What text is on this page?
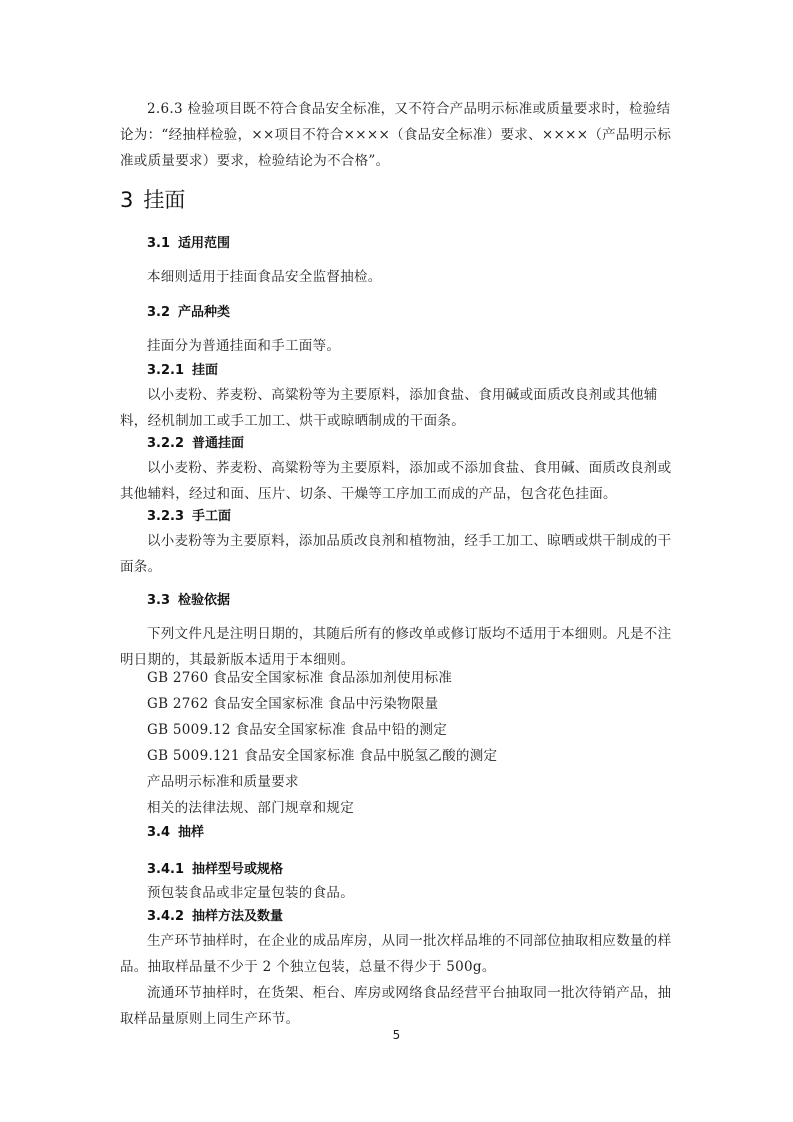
2.6.3 检验项目既不符合食品安全标准，又不符合产品明示标准或质量要求时，检验结论为：“经抽样检验，××项目不符合××××（食品安全标准）要求、××××（产品明示标准或质量要求）要求，检验结论为不合格”。

3 挂面
3.1 适用范围

本细则适用于挂面食品安全监督抽检。

3.2 产品种类

挂面分为普通挂面和手工面等。

3.2.1 挂面

以小麦粉、荞麦粉、高粱粉等为主要原料，添加食盐、食用碱或面质改良剂或其他辅料，经机制加工或手工加工、烘干或晾晒制成的干面条。

3.2.2 普通挂面

以小麦粉、荞麦粉、高粱粉等为主要原料，添加或不添加食盐、食用碱、面质改良剂或其他辅料，经过和面、压片、切条、干燥等工序加工而成的产品，包含花色挂面。

3.2.3 手工面

以小麦粉等为主要原料，添加品质改良剂和植物油，经手工加工、晾晒或烘干制成的干面条。

3.3 检验依据

下列文件凡是注明日期的，其随后所有的修改单或修订版均不适用于本细则。凡是不注明日期的，其最新版本适用于本细则。

GB 2760 食品安全国家标准 食品添加剂使用标准
GB 2762 食品安全国家标准 食品中污染物限量
GB 5009.12 食品安全国家标准 食品中铅的测定
GB 5009.121 食品安全国家标准 食品中脱氢乙酸的测定
产品明示标准和质量要求
相关的法律法规、部门规章和规定
3.4 抽样
3.4.1 抽样型号或规格

预包装食品或非定量包装的食品。

3.4.2 抽样方法及数量

生产环节抽样时，在企业的成品库房，从同一批次样品堆的不同部位抽取相应数量的样品。抽取样品量不少于 2 个独立包装，总量不得少于 500g。

流通环节抽样时，在货架、柜台、库房或网络食品经营平台抽取同一批次待销产品，抽取样品量原则上同生产环节。

5
